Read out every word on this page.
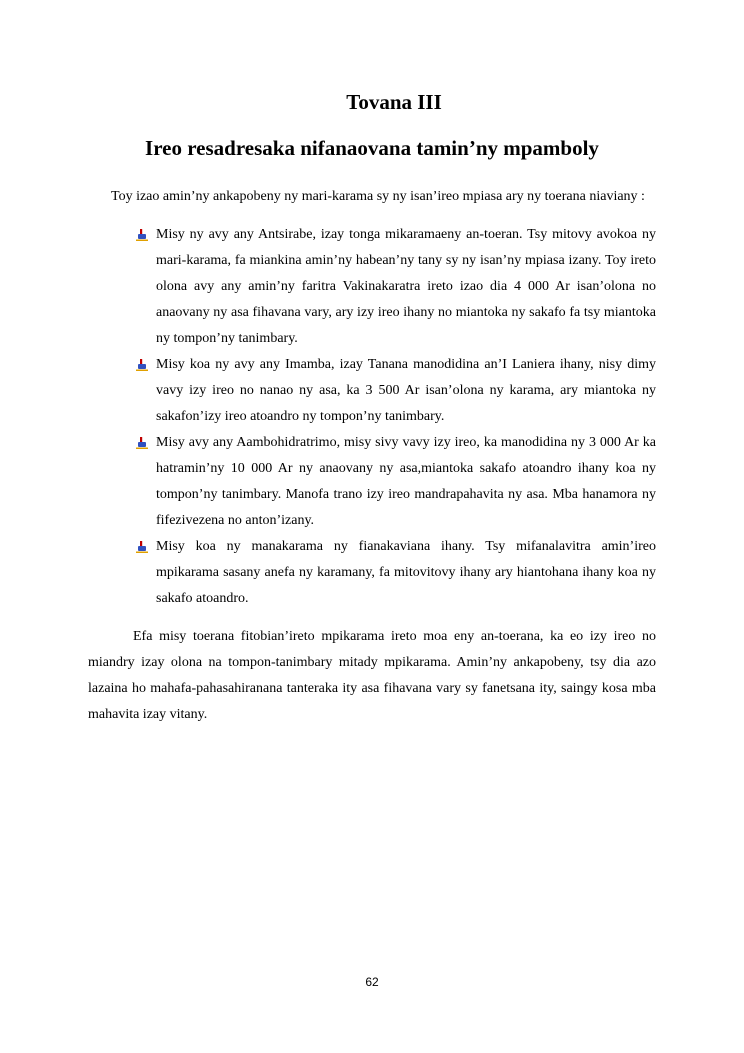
Tovana III
Ireo resadresaka nifanaovana tamin’ny mpamboly

Toy izao amin’ny ankapobeny ny mari-karama sy ny isan’ireo mpiasa ary ny toerana niaviany :

Misy ny avy any Antsirabe, izay tonga mikaramaeny an-toeran. Tsy mitovy avokoa ny mari-karama, fa miankina amin’ny habean’ny tany sy ny isan’ny mpiasa izany. Toy ireto olona avy any amin’ny faritra Vakinakaratra ireto izao dia 4 000 Ar isan’olona no anaovany ny asa fihavana vary, ary izy ireo ihany no miantoka ny sakafo fa tsy miantoka ny tompon’ny tanimbary.
Misy koa ny avy any Imamba, izay Tanana manodidina an’I Laniera ihany, nisy dimy vavy izy ireo no nanao ny asa, ka 3 500 Ar isan’olona ny karama, ary miantoka ny sakafon’izy ireo atoandro ny tompon’ny tanimbary.
Misy avy any Aambohidratrimo, misy sivy vavy izy ireo, ka manodidina ny 3 000 Ar ka hatramin’ny 10 000 Ar ny anaovany ny asa,miantoka sakafo atoandro ihany koa ny tompon’ny tanimbary. Manofa trano izy ireo mandrapahavita ny asa. Mba hanamora ny fifezivezena no anton’izany.
Misy koa ny manakarama ny fianakaviana ihany. Tsy mifanalavitra amin’ireo mpikarama sasany anefa ny karamany, fa mitovitovy ihany ary hiantohana ihany koa ny sakafo atoandro.

Efa misy toerana fitobian’ireto mpikarama ireto moa eny an-toerana, ka eo izy ireo no miandry izay olona na tompon-tanimbary mitady mpikarama. Amin’ny ankapobeny, tsy dia azo lazaina ho mahafa-pahasahiranana tanteraka ity asa fihavana vary sy fanetsana ity, saingy kosa mba mahavita izay vitany.

62
